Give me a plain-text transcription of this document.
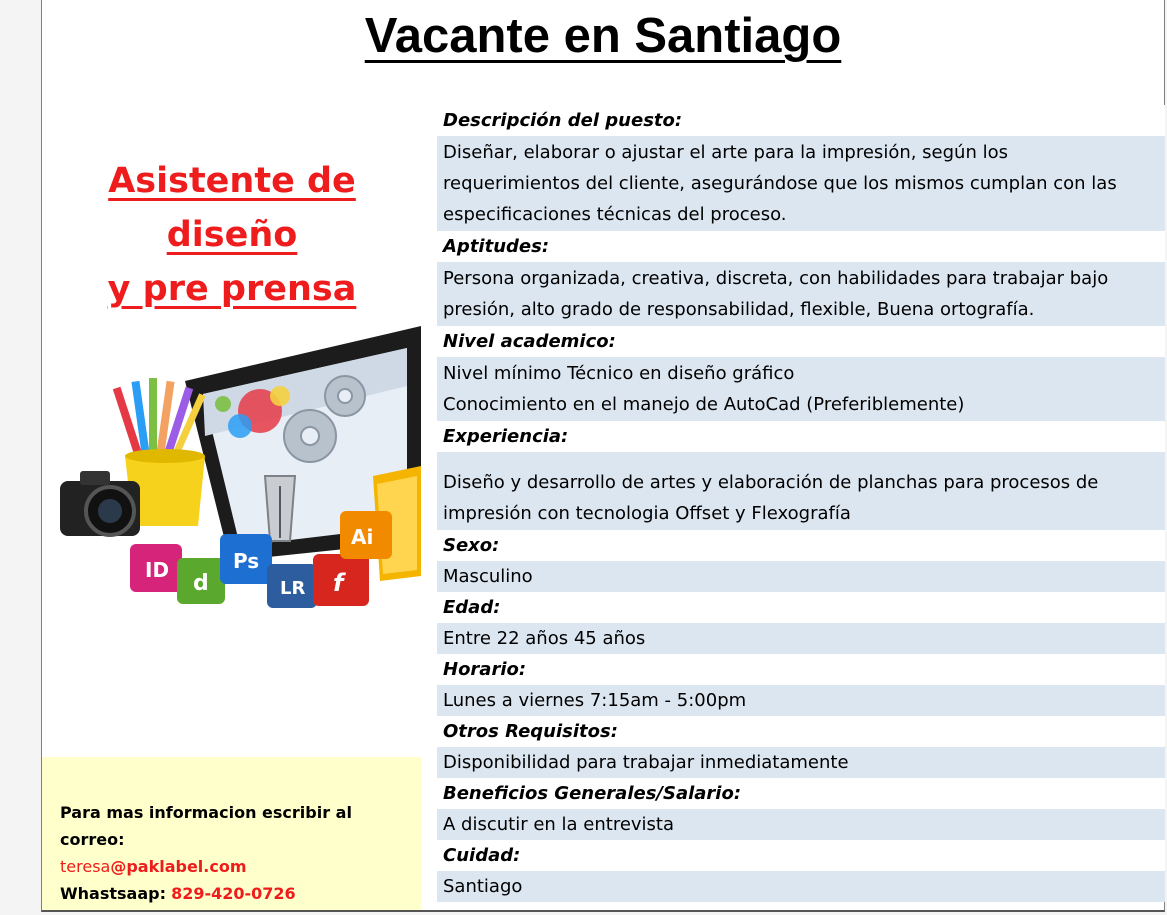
Vacante en Santiago
Asistente de diseño
y pre prensa
ID
d
Ps
LR f
Ai
Para mas informacion escribir al correo:
teresa@paklabel.com
Whastsaap: 829-420-0726
Descripción del puesto:
Diseñar, elaborar o ajustar el arte para la impresión, según los
requerimientos del cliente, asegurándose que los mismos cumplan con las
especificaciones técnicas del proceso.
Aptitudes:
Persona organizada, creativa, discreta, con habilidades para trabajar bajo
presión, alto grado de responsabilidad, flexible, Buena ortografía.
Nivel academico:
Nivel mínimo Técnico en diseño gráfico
Conocimiento en el manejo de AutoCad (Preferiblemente)
Experiencia:
Diseño y desarrollo de artes y elaboración de planchas para procesos de
impresión con tecnologia Offset y Flexografía
Sexo:
Masculino
Edad:
Entre 22 años 45 años
Horario:
Lunes a viernes 7:15am - 5:00pm
Otros Requisitos:
Disponibilidad para trabajar inmediatamente
Beneficios Generales/Salario:
A discutir en la entrevista
Cuidad:
Santiago
